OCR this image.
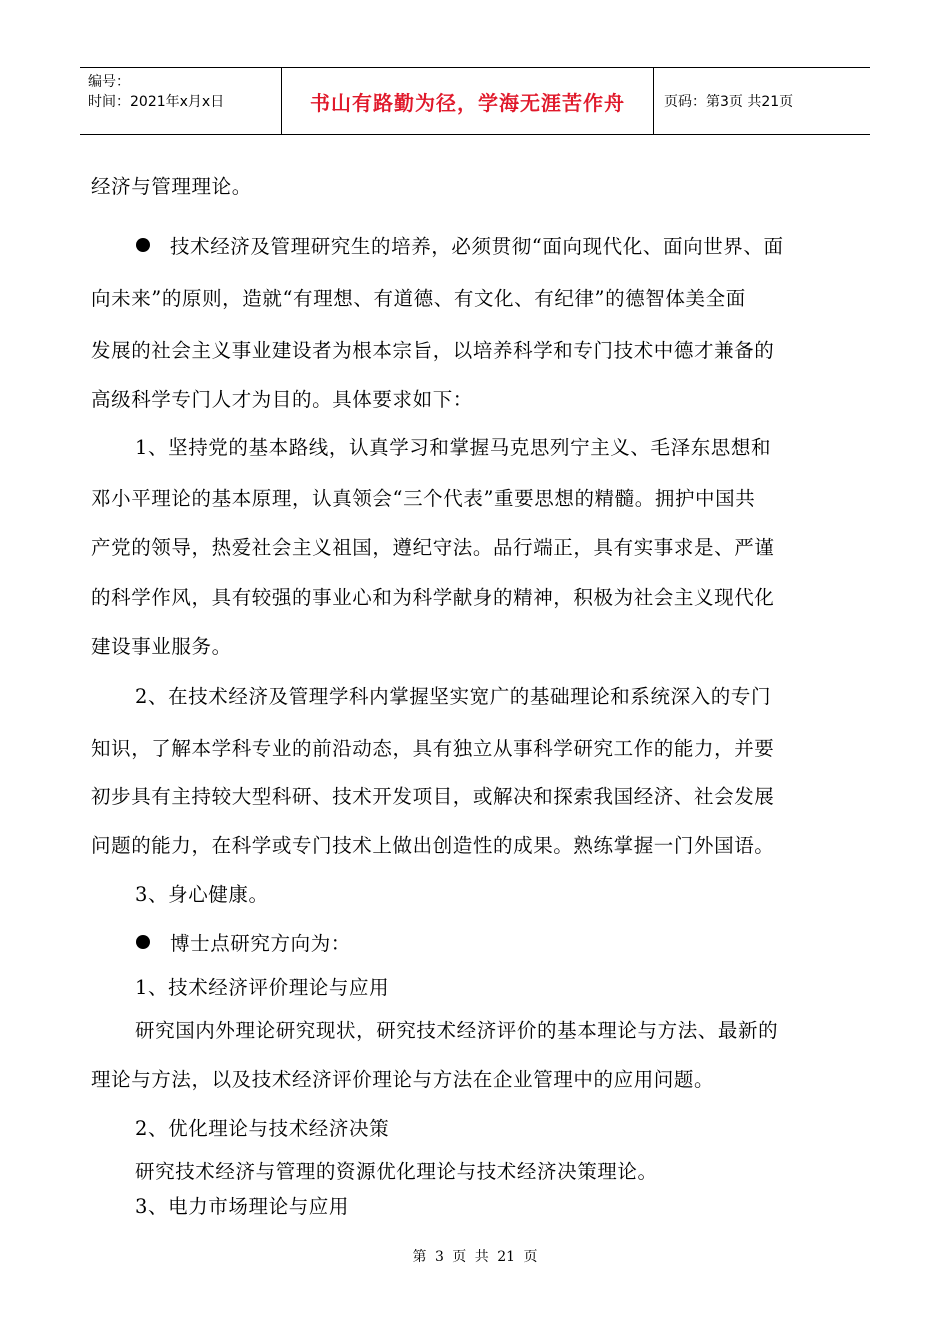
编号：
时间：2021年x月x日	书山有路勤为径，学海无涯苦作舟	页码：第3页 共21页
经济与管理理论。
技术经济及管理研究生的培养，必须贯彻“面向现代化、面向世界、面
向未来”的原则，造就“有理想、有道德、有文化、有纪律”的德智体美全面
发展的社会主义事业建设者为根本宗旨，以培养科学和专门技术中德才兼备的
高级科学专门人才为目的。具体要求如下：
1、坚持党的基本路线，认真学习和掌握马克思列宁主义、毛泽东思想和
邓小平理论的基本原理，认真领会“三个代表”重要思想的精髓。拥护中国共
产党的领导，热爱社会主义祖国，遵纪守法。品行端正，具有实事求是、严谨
的科学作风，具有较强的事业心和为科学献身的精神，积极为社会主义现代化
建设事业服务。
2、在技术经济及管理学科内掌握坚实宽广的基础理论和系统深入的专门
知识，了解本学科专业的前沿动态，具有独立从事科学研究工作的能力，并要
初步具有主持较大型科研、技术开发项目，或解决和探索我国经济、社会发展
问题的能力，在科学或专门技术上做出创造性的成果。熟练掌握一门外国语。
3、身心健康。
博士点研究方向为：
1、技术经济评价理论与应用
研究国内外理论研究现状，研究技术经济评价的基本理论与方法、最新的
理论与方法，以及技术经济评价理论与方法在企业管理中的应用问题。
2、优化理论与技术经济决策
研究技术经济与管理的资源优化理论与技术经济决策理论。
3、电力市场理论与应用
第 3 页 共 21 页
